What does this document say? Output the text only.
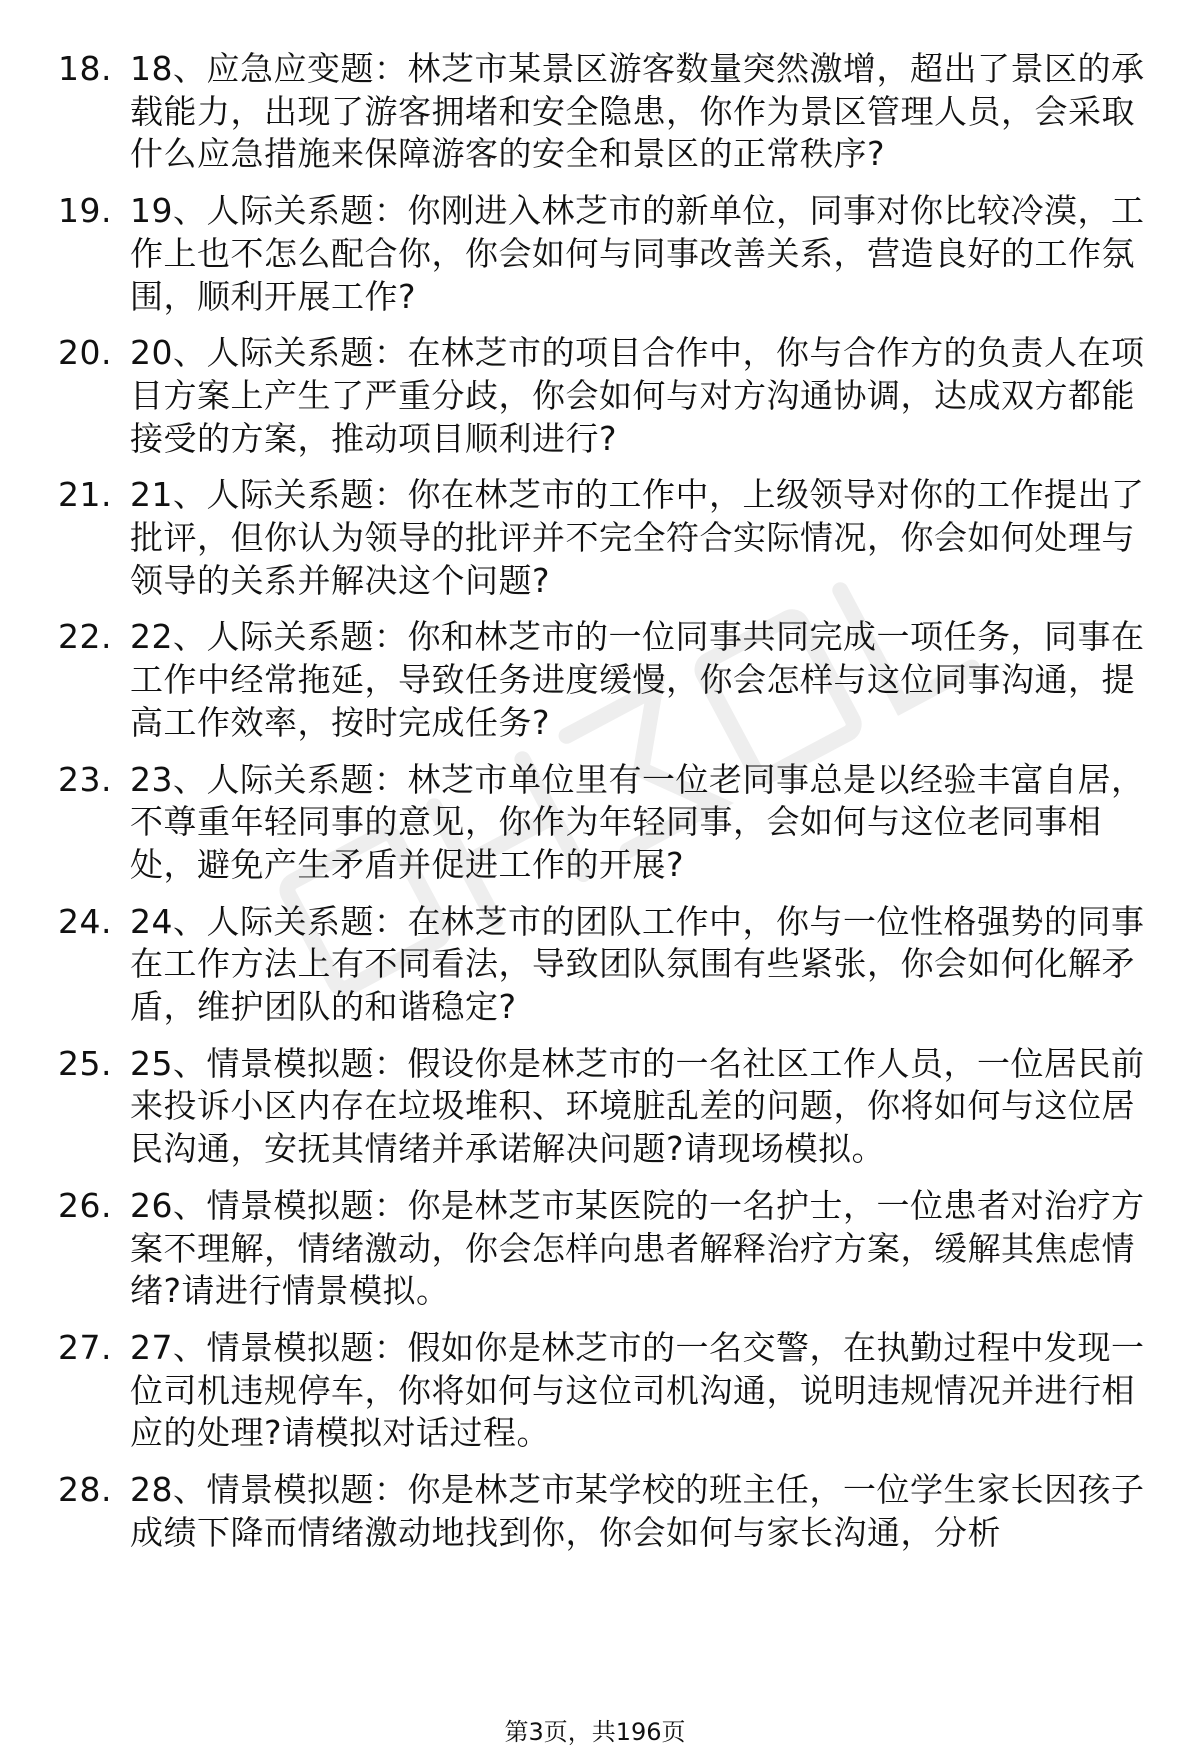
18. 18、应急应变题：林芝市某景区游客数量突然激增，超出了景区的承载能力，出现了游客拥堵和安全隐患，你作为景区管理人员，会采取什么应急措施来保障游客的安全和景区的正常秩序?
19. 19、人际关系题：你刚进入林芝市的新单位，同事对你比较冷漠，工作上也不怎么配合你，你会如何与同事改善关系，营造良好的工作氛围，顺利开展工作?
20. 20、人际关系题：在林芝市的项目合作中，你与合作方的负责人在项目方案上产生了严重分歧，你会如何与对方沟通协调，达成双方都能接受的方案，推动项目顺利进行?
21. 21、人际关系题：你在林芝市的工作中，上级领导对你的工作提出了批评，但你认为领导的批评并不完全符合实际情况，你会如何处理与领导的关系并解决这个问题?
22. 22、人际关系题：你和林芝市的一位同事共同完成一项任务，同事在工作中经常拖延，导致任务进度缓慢，你会怎样与这位同事沟通，提高工作效率，按时完成任务?
23. 23、人际关系题：林芝市单位里有一位老同事总是以经验丰富自居，不尊重年轻同事的意见，你作为年轻同事，会如何与这位老同事相处，避免产生矛盾并促进工作的开展?
24. 24、人际关系题：在林芝市的团队工作中，你与一位性格强势的同事在工作方法上有不同看法，导致团队氛围有些紧张，你会如何化解矛盾，维护团队的和谐稳定?
25. 25、情景模拟题：假设你是林芝市的一名社区工作人员，一位居民前来投诉小区内存在垃圾堆积、环境脏乱差的问题，你将如何与这位居民沟通，安抚其情绪并承诺解决问题?请现场模拟。
26. 26、情景模拟题：你是林芝市某医院的一名护士，一位患者对治疗方案不理解，情绪激动，你会怎样向患者解释治疗方案，缓解其焦虑情绪?请进行情景模拟。
27. 27、情景模拟题：假如你是林芝市的一名交警，在执勤过程中发现一位司机违规停车，你将如何与这位司机沟通，说明违规情况并进行相应的处理?请模拟对话过程。
28. 28、情景模拟题：你是林芝市某学校的班主任，一位学生家长因孩子成绩下降而情绪激动地找到你，你会如何与家长沟通，分析
第3页，共196页
